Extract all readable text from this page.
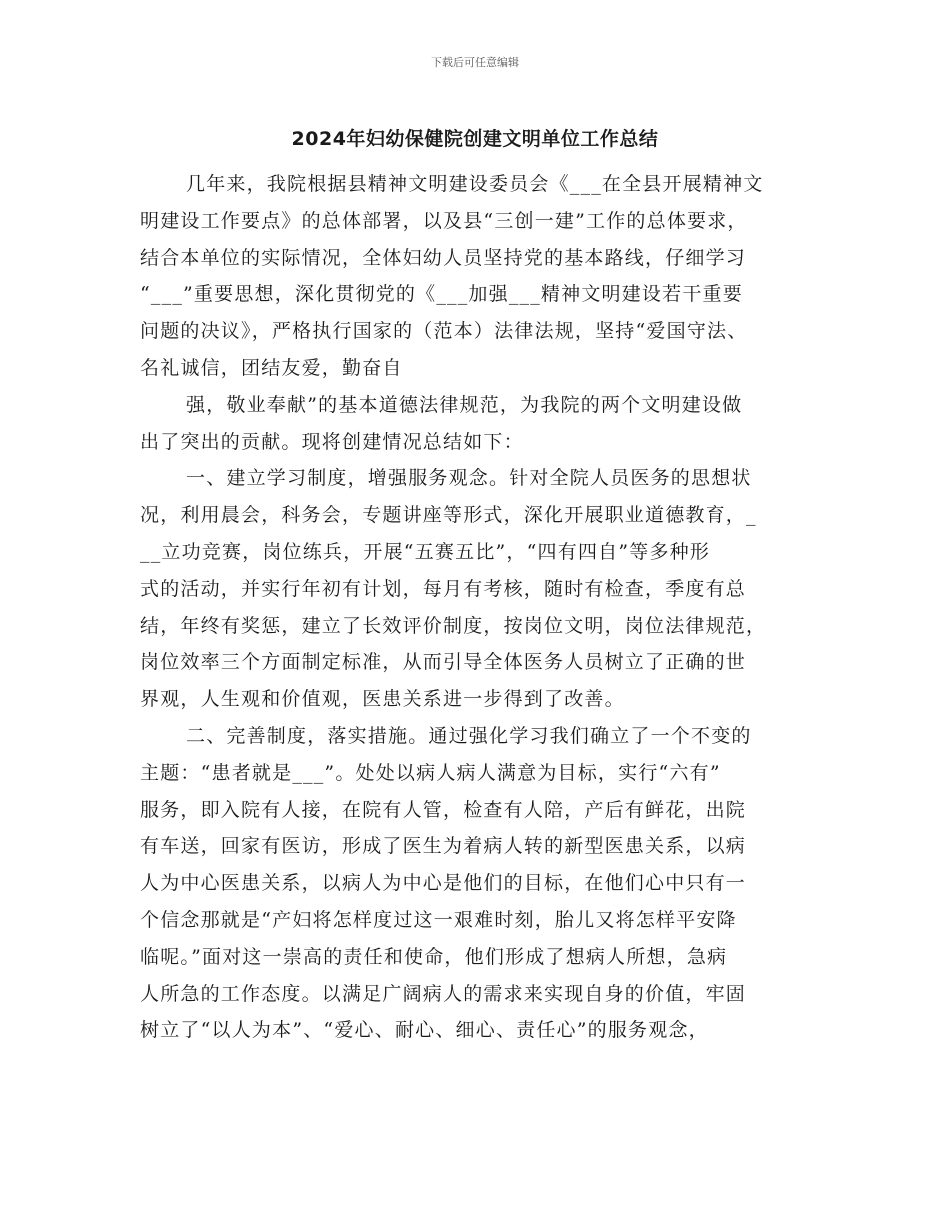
下载后可任意编辑
2024年妇幼保健院创建文明单位工作总结
几年来，我院根据县精神文明建设委员会《___在全县开展精神文
明建设工作要点》的总体部署，以及县“三创一建”工作的总体要求，
结合本单位的实际情况，全体妇幼人员坚持党的基本路线，仔细学习
“___”重要思想，深化贯彻党的《___加强___精神文明建设若干重要
问题的决议》，严格执行国家的（范本）法律法规，坚持“爱国守法、
名礼诚信，团结友爱，勤奋自
强，敬业奉献”的基本道德法律规范，为我院的两个文明建设做
出了突出的贡献。现将创建情况总结如下：
一、建立学习制度，增强服务观念。针对全院人员医务的思想状
况，利用晨会，科务会，专题讲座等形式，深化开展职业道德教育，_
__立功竞赛，岗位练兵，开展“五赛五比”，“四有四自”等多种形
式的活动，并实行年初有计划，每月有考核，随时有检查，季度有总
结，年终有奖惩，建立了长效评价制度，按岗位文明，岗位法律规范，
岗位效率三个方面制定标准，从而引导全体医务人员树立了正确的世
界观，人生观和价值观，医患关系进一步得到了改善。
二、完善制度，落实措施。通过强化学习我们确立了一个不变的
主题：“患者就是___”。处处以病人病人满意为目标，实行“六有”
服务，即入院有人接，在院有人管，检查有人陪，产后有鲜花，出院
有车送，回家有医访，形成了医生为着病人转的新型医患关系，以病
人为中心医患关系，以病人为中心是他们的目标，在他们心中只有一
个信念那就是“产妇将怎样度过这一艰难时刻，胎儿又将怎样平安降
临呢。”面对这一崇高的责任和使命，他们形成了想病人所想，急病
人所急的工作态度。以满足广阔病人的需求来实现自身的价值，牢固
树立了“以人为本”、“爱心、耐心、细心、责任心”的服务观念，
